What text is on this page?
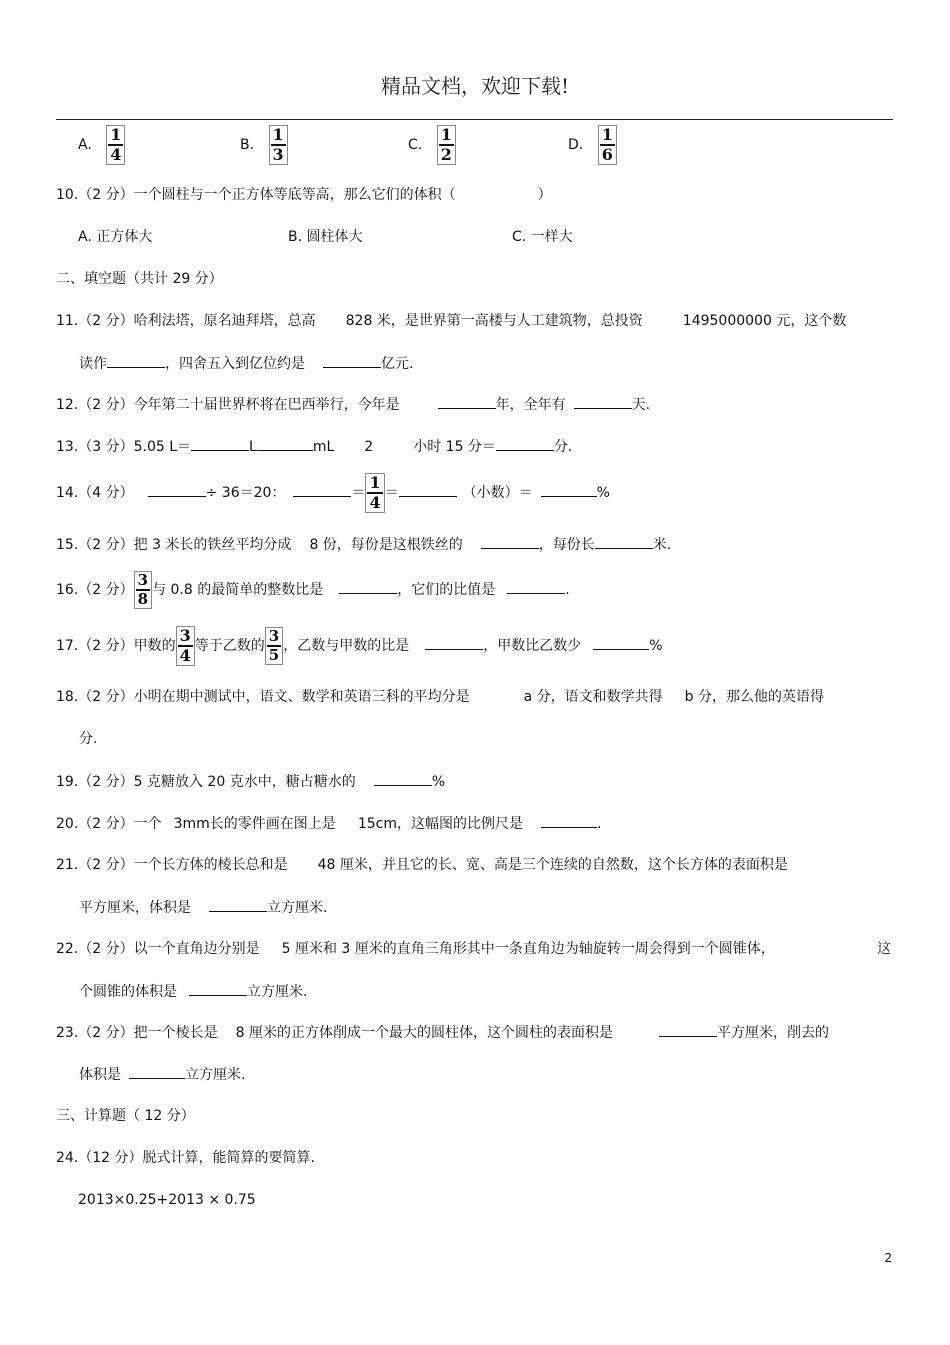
精品文档，欢迎下载!
A. $\frac{1}{4}$	B. $\frac{1}{3}$	C. $\frac{1}{2}$	D. $\frac{1}{6}$
10.（2 分）一个圆柱与一个正方体等底等高，那么它们的体积（	）
A. 正方体大	B. 圆柱体大	C. 一样大
二、填空题（共计 29 分）
11.（2 分）哈利法塔，原名迪拜塔，总高 828 米，是世界第一高楼与人工建筑物，总投资	1495000000 元，这个数
读作	，四舍五入到亿位约是	亿元.
12.（2 分）今年第二十届世界杯将在巴西举行，今年是	年，全年有	天.
13.（3 分）5.05 L＝	L	mL 2	小时 15 分＝	分.
14.（4 分）	÷ 36＝20：	＝ $\frac{1}{4}$ ＝	（小数）＝	%
15.（2 分）把 3 米长的铁丝平均分成 8 份，每份是这根铁丝的	，每份长	米.
16.（2 分） $\frac{3}{8}$ 与 0.8 的最简单的整数比是	，它们的比值是	.
17.（2 分）甲数的 $\frac{3}{4}$ 等于乙数的 $\frac{3}{5}$ ，乙数与甲数的比是	，甲数比乙数少	%
18.（2 分）小明在期中测试中，语文、数学和英语三科的平均分是	a 分，语文和数学共得 b 分，那么他的英语得
分.
19.（2 分）5 克糖放入 20 克水中，糖占糖水的	%
20.（2 分）一个 3mm长的零件画在图上是 15cm，这幅图的比例尺是	.
21.（2 分）一个长方体的棱长总和是 48 厘米，并且它的长、宽、高是三个连续的自然数，这个长方体的表面积是
平方厘米，体积是	立方厘米.
22.（2 分）以一个直角边分别是 5 厘米和 3 厘米的直角三角形其中一条直角边为轴旋转一周会得到一个圆锥体，	这
个圆锥的体积是	立方厘米.
23.（2 分）把一个棱长是 8 厘米的正方体削成一个最大的圆柱体，这个圆柱的表面积是	平方厘米，削去的
体积是	立方厘米.
三、计算题（ 12 分）
24.（12 分）脱式计算，能简算的要简算.
2013×0.25+2013 × 0.75
2
